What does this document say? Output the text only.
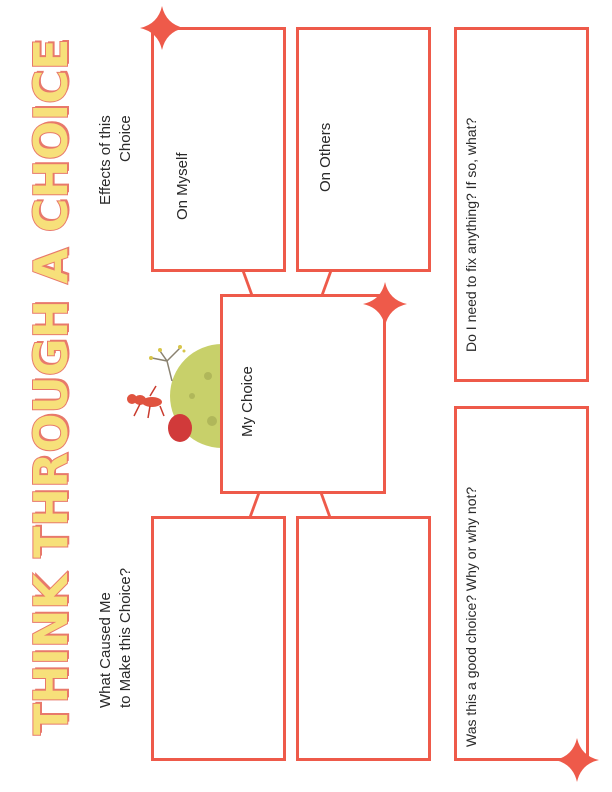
THINK THROUGH A CHOICE Effects of this Choice
What Caused Me to Make this Choice?
On Myself	On Others
My Choice
Do I need to fix anything? If so, what?
Was this a good choice? Why or why not?
